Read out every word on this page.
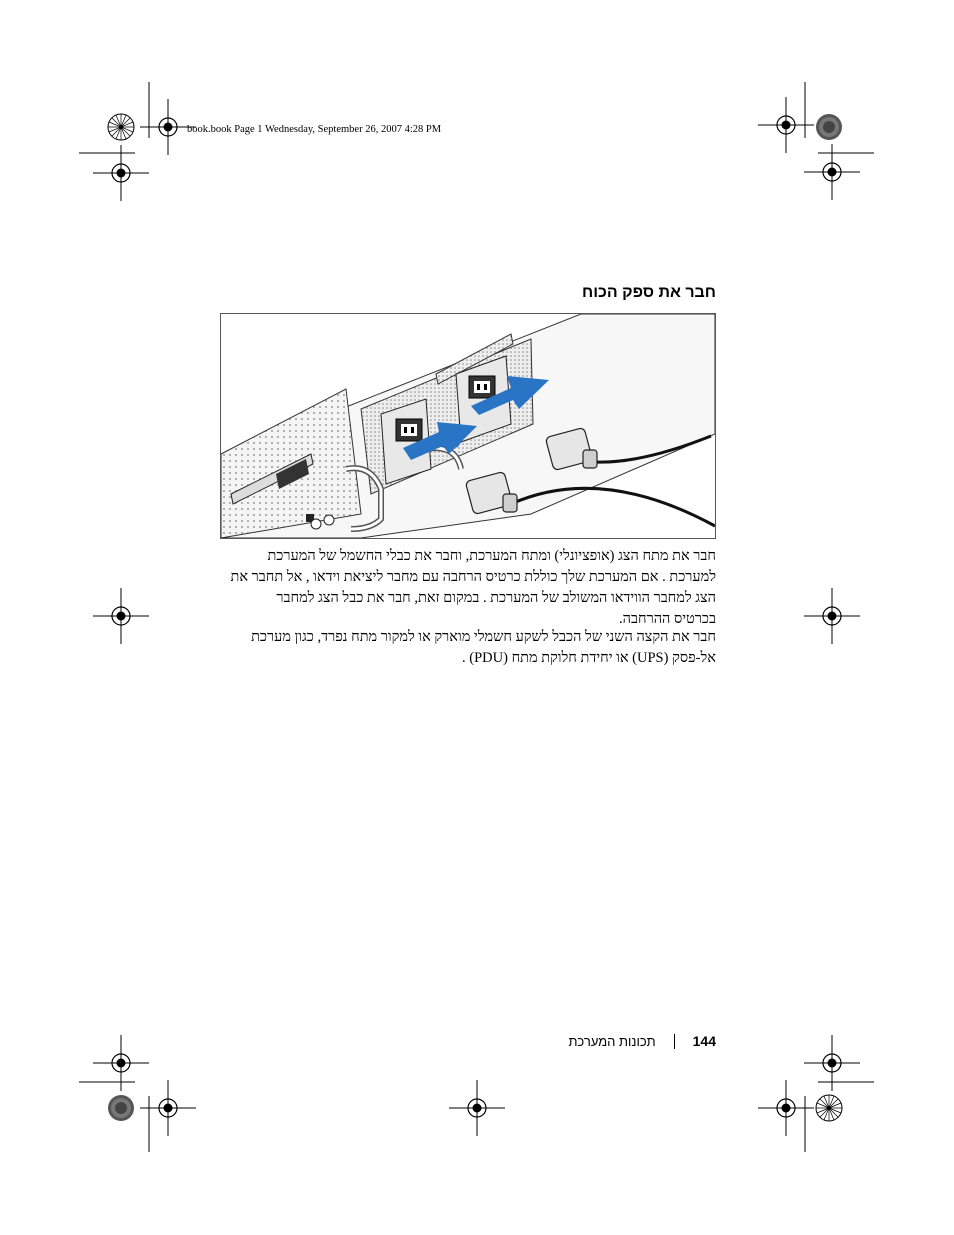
book.book Page 1 Wednesday, September 26, 2007 4:28 PM
חבר את ספק הכוח

חבר את מתח הצג (אופציונלי) ומתח המערכת, וחבר את כבלי החשמל של המערכת

למערכת . אם המערכת שלך כוללת כרטיס הרחבה עם מחבר ליציאת וידאו , אל תחבר את

הצג למחבר הווידאו המשולב של המערכת . במקום זאת, חבר את כבל הצג למחבר

בכרטיס ההרחבה.

חבר את הקצה השני של הכבל לשקע חשמלי מוארק או למקור מתח נפרד, כגון מערכת

אל-פסק (UPS) או יחידת חלוקת מתח (PDU) .

144
תכונות המערכת
